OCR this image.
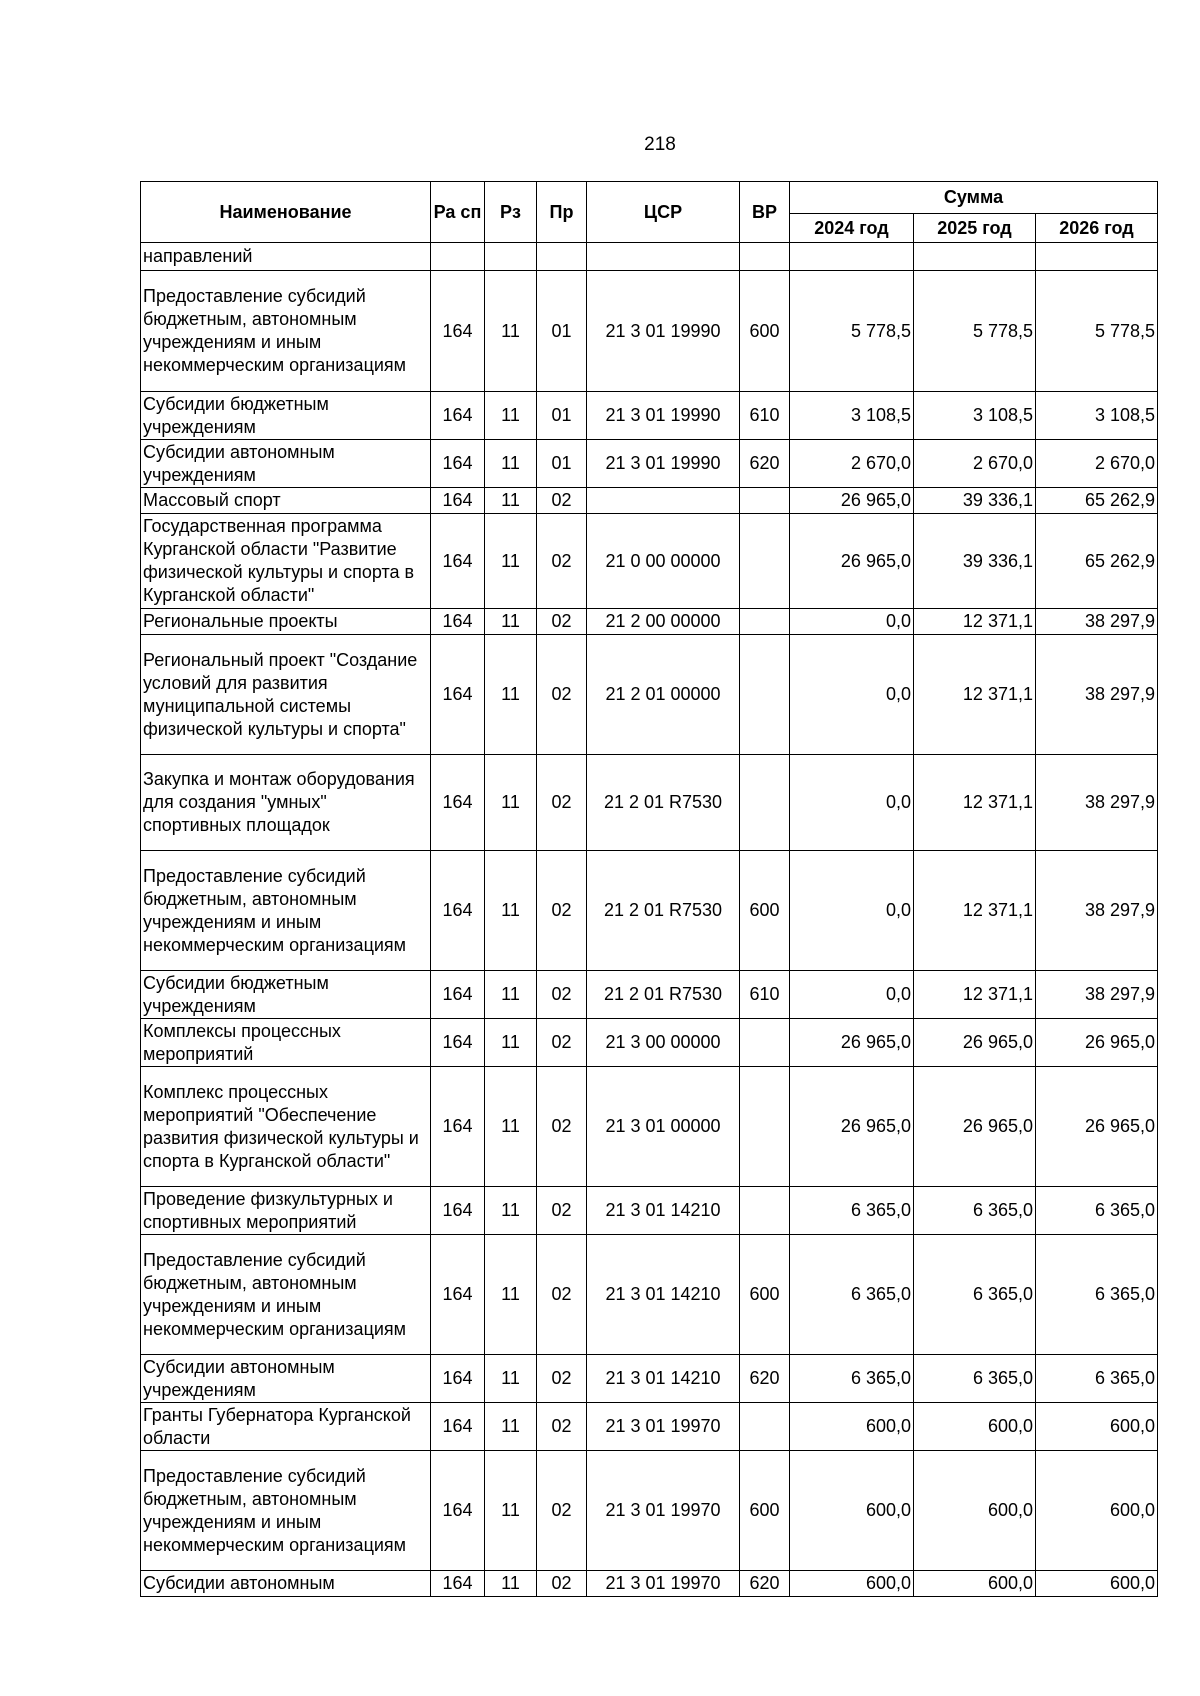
218
Наименование	Ра сп	Рз	Пр	ЦСР	ВР	Сумма		
						2024 год	2025 год	2026 год
направлений								
Предоставление субсидий бюджетным, автономным учреждениям и иным некоммерческим организациям	164	11	01	21 3 01 19990	600	5 778,5	5 778,5	5 778,5
Субсидии бюджетным учреждениям	164	11	01	21 3 01 19990	610	3 108,5	3 108,5	3 108,5
Субсидии автономным учреждениям	164	11	01	21 3 01 19990	620	2 670,0	2 670,0	2 670,0
Массовый спорт	164	11	02			26 965,0	39 336,1	65 262,9
Государственная программа Курганской области "Развитие физической культуры и спорта в Курганской области"	164	11	02	21 0 00 00000		26 965,0	39 336,1	65 262,9
Региональные проекты	164	11	02	21 2 00 00000		0,0	12 371,1	38 297,9
Региональный проект "Создание условий для развития муниципальной системы физической культуры и спорта"	164	11	02	21 2 01 00000		0,0	12 371,1	38 297,9
Закупка и монтаж оборудования для создания "умных" спортивных площадок	164	11	02	21 2 01 R7530		0,0	12 371,1	38 297,9
Предоставление субсидий бюджетным, автономным учреждениям и иным некоммерческим организациям	164	11	02	21 2 01 R7530	600	0,0	12 371,1	38 297,9
Субсидии бюджетным учреждениям	164	11	02	21 2 01 R7530	610	0,0	12 371,1	38 297,9
Комплексы процессных мероприятий	164	11	02	21 3 00 00000		26 965,0	26 965,0	26 965,0
Комплекс процессных мероприятий "Обеспечение развития физической культуры и спорта в Курганской области"	164	11	02	21 3 01 00000		26 965,0	26 965,0	26 965,0
Проведение физкультурных и спортивных мероприятий	164	11	02	21 3 01 14210		6 365,0	6 365,0	6 365,0
Предоставление субсидий бюджетным, автономным учреждениям и иным некоммерческим организациям	164	11	02	21 3 01 14210	600	6 365,0	6 365,0	6 365,0
Субсидии автономным учреждениям	164	11	02	21 3 01 14210	620	6 365,0	6 365,0	6 365,0
Гранты Губернатора Курганской области	164	11	02	21 3 01 19970		600,0	600,0	600,0
Предоставление субсидий бюджетным, автономным учреждениям и иным некоммерческим организациям	164	11	02	21 3 01 19970	600	600,0	600,0	600,0
Субсидии автономным	164	11	02	21 3 01 19970	620	600,0	600,0	600,0
